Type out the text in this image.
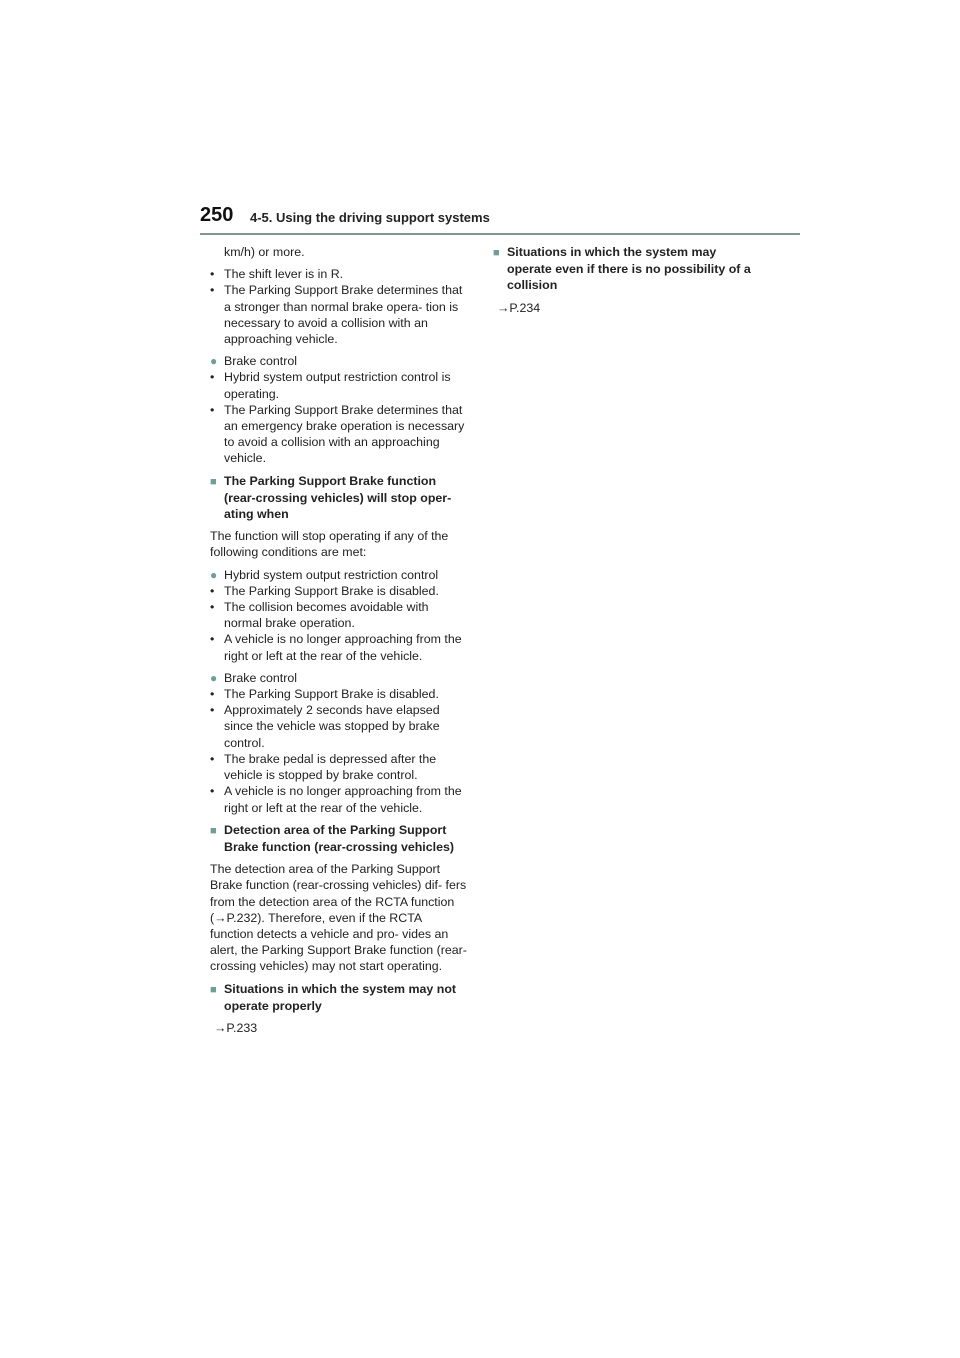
250 4-5. Using the driving support systems
km/h) or more.
• The shift lever is in R.
• The Parking Support Brake determines that a stronger than normal brake opera- tion is necessary to avoid a collision with an approaching vehicle.
● Brake control
• Hybrid system output restriction control is operating.
• The Parking Support Brake determines that an emergency brake operation is necessary to avoid a collision with an approaching vehicle.
■ The Parking Support Brake function (rear-crossing vehicles) will stop oper- ating when
The function will stop operating if any of the following conditions are met:
● Hybrid system output restriction control
• The Parking Support Brake is disabled.
• The collision becomes avoidable with normal brake operation.
• A vehicle is no longer approaching from the right or left at the rear of the vehicle.
● Brake control
• The Parking Support Brake is disabled.
• Approximately 2 seconds have elapsed since the vehicle was stopped by brake control.
• The brake pedal is depressed after the vehicle is stopped by brake control.
• A vehicle is no longer approaching from the right or left at the rear of the vehicle.
■ Detection area of the Parking Support Brake function (rear-crossing vehicles)
The detection area of the Parking Support Brake function (rear-crossing vehicles) dif- fers from the detection area of the RCTA function (→P.232). Therefore, even if the RCTA function detects a vehicle and pro- vides an alert, the Parking Support Brake function (rear-crossing vehicles) may not start operating.
■ Situations in which the system may not operate properly
→P.233
■ Situations in which the system may operate even if there is no possibility of a collision
→P.234
